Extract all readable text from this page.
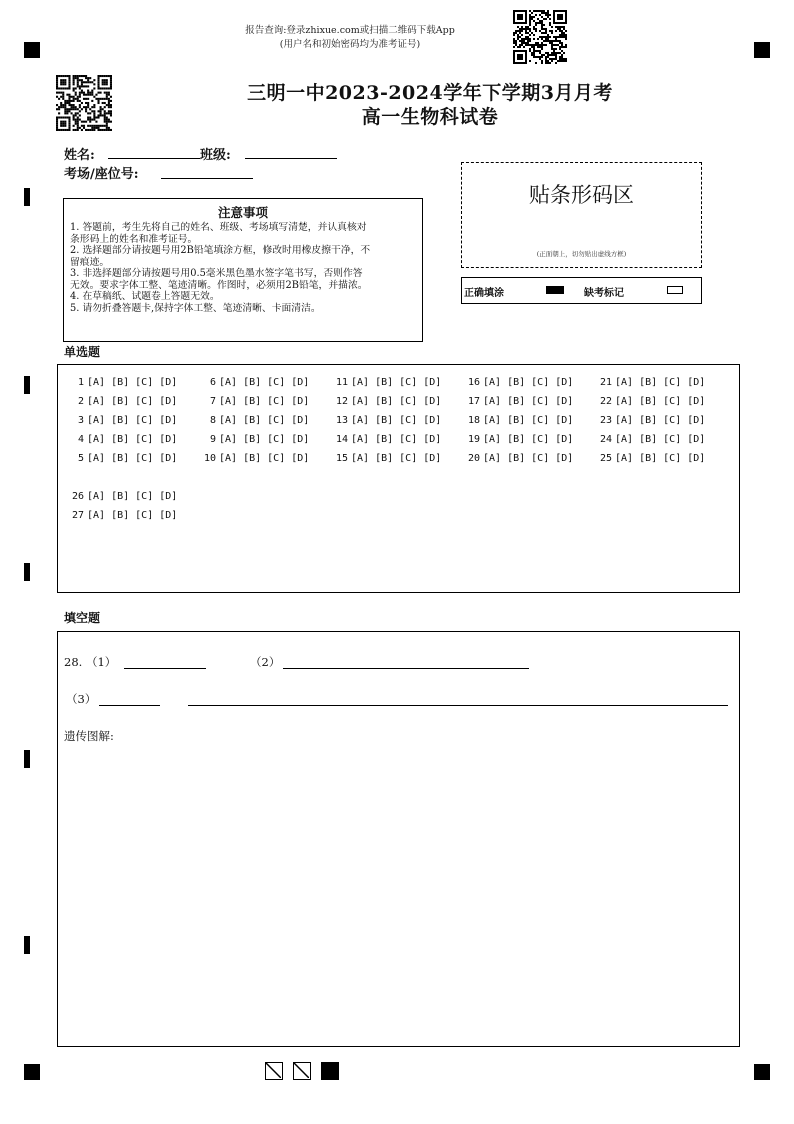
报告查询:登录zhixue.com或扫描二维码下载App
(用户名和初始密码均为准考证号)
三明一中2023-2024学年下学期3月月考
高一生物科试卷
姓名:	班级:
考场/座位号:
贴条形码区
(正面朝上，切勿贴出虚线方框)
正确填涂	缺考标记
注意事项
1. 答题前，考生先将自己的姓名、班级、考场填写清楚，并认真核对
条形码上的姓名和准考证号。
2. 选择题部分请按题号用2B铅笔填涂方框，修改时用橡皮擦干净，不
留痕迹。
3. 非选择题部分请按题号用0.5毫米黑色墨水签字笔书写，否则作答
无效。要求字体工整、笔迹清晰。作图时，必须用2B铅笔，并描浓。
4. 在草稿纸、试题卷上答题无效。
5. 请勿折叠答题卡,保持字体工整、笔迹清晰、卡面清洁。
单选题
1 [A] [B] [C] [D]
2 [A] [B] [C] [D]
3 [A] [B] [C] [D]
4 [A] [B] [C] [D]
5 [A] [B] [C] [D]
6 [A] [B] [C] [D]
7 [A] [B] [C] [D]
8 [A] [B] [C] [D]
9 [A] [B] [C] [D]
10 [A] [B] [C] [D]
11 [A] [B] [C] [D]
12 [A] [B] [C] [D]
13 [A] [B] [C] [D]
14 [A] [B] [C] [D]
15 [A] [B] [C] [D]
16 [A] [B] [C] [D]
17 [A] [B] [C] [D]
18 [A] [B] [C] [D]
19 [A] [B] [C] [D]
20 [A] [B] [C] [D]
21 [A] [B] [C] [D]
22 [A] [B] [C] [D]
23 [A] [B] [C] [D]
24 [A] [B] [C] [D]
25 [A] [B] [C] [D]
26 [A] [B] [C] [D]
27 [A] [B] [C] [D]
填空题
28. （1）	（2）
（3）
遗传图解:
